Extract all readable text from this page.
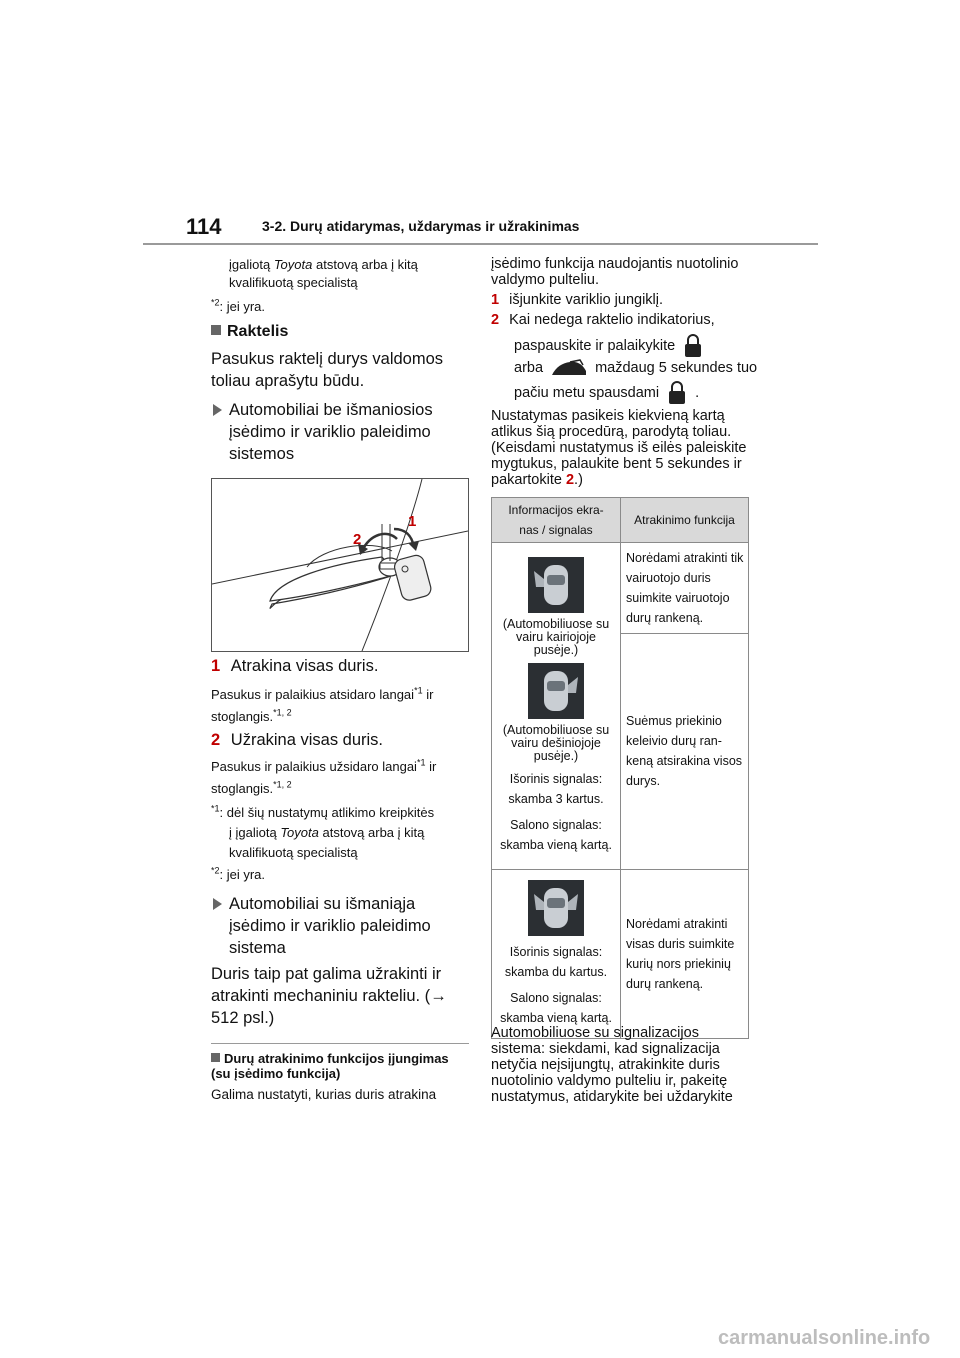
114	3-2. Durų atidarymas, uždarymas ir užrakinimas
įgaliotą Toyota atstovą arba į kitą
kvalifikuotą specialistą
$^{*2}$: jei yra.
Raktelis
Pasukus raktelį durys valdomos toliau aprašytu būdu.
Automobiliai be išmaniosios įsėdimo ir variklio paleidimo sistemos
1
2
1 Atrakina visas duris.
Pasukus ir palaikius atsidaro langai$^{*1}$ ir stoglangis.$^{*1, 2}$
2 Užrakina visas duris.
Pasukus ir palaikius užsidaro langai$^{*1}$ ir stoglangis.$^{*1, 2}$
$^{*1}$: dėl šių nustatymų atlikimo kreipkitės
į įgaliotą Toyota atstovą arba į kitą
kvalifikuotą specialistą
$^{*2}$: jei yra.
Automobiliai su išmaniąja įsėdimo ir variklio paleidimo sistema
Duris taip pat galima užrakinti ir atrakinti mechaniniu rakteliu. (→ 512 psl.)
Durų atrakinimo funkcijos įjungimas (su įsėdimo funkcija)
Galima nustatyti, kurias duris atrakina
įsėdimo funkcija naudojantis nuotolinio valdymo pulteliu.
1 išjunkite variklio jungiklį.
2 Kai nedega raktelio indikatorius,
paspauskite ir palaikykite
arba	maždaug 5 sekundes tuo
pačiu metu spausdami .
Nustatymas pasikeis kiekvieną kartą atlikus šią procedūrą, parodytą toliau. (Keisdami nustatymus iš eilės paleiskite mygtukus, palaukite bent 5 sekundes ir pakartokite 2.)
Informacijos ekra-nas / signalas	Atrakinimo funkcija

(Automobiliuose su vairu kairiojoje pusėje.)
(Automobiliuose su vairu dešiniojoje pusėje.)
Išorinis signalas: skamba 3 kartus.
Salono signalas: skamba vieną kartą.	Norėdami atrakinti tik vairuotojo duris suimkite vairuotojo durų rankeną.
	Suėmus priekinio keleivio durų ran-keną atsirakina visos durys.

Išorinis signalas: skamba du kartus.
Salono signalas: skamba vieną kartą.	Norėdami atrakinti visas duris suimkite kurių nors priekinių durų rankeną.
Automobiliuose su signalizacijos sistema: siekdami, kad signalizacija netyčia neįsijungtų, atrakinkite duris nuotolinio valdymo pulteliu ir, pakeitę nustatymus, atidarykite bei uždarykite
carmanualsonline.info
